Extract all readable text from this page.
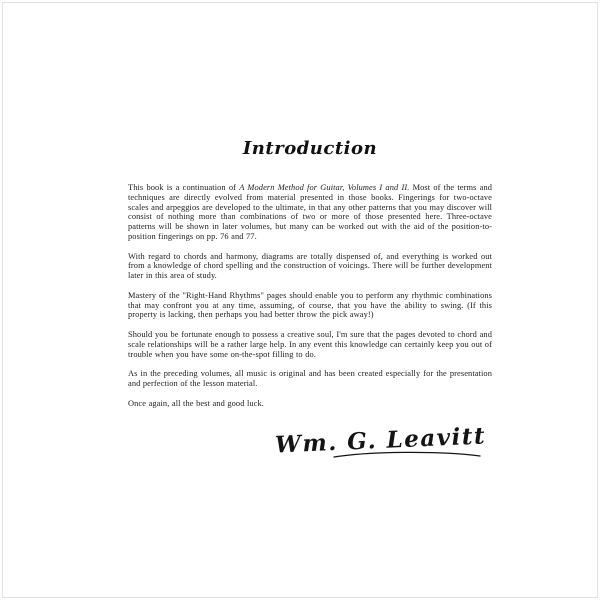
Introduction

This book is a continuation of A Modern Method for Guitar, Volumes I and II. Most of the terms and techniques are directly evolved from material presented in those books. Fingerings for two-octave scales and arpeggios are developed to the ultimate, in that any other patterns that you may discover will consist of nothing more than combinations of two or more of those presented here. Three-octave patterns will be shown in later volumes, but many can be worked out with the aid of the position-to-position fingerings on pp. 76 and 77.

With regard to chords and harmony, diagrams are totally dispensed of, and everything is worked out from a knowledge of chord spelling and the construction of voicings. There will be further development later in this area of study.

Mastery of the "Right-Hand Rhythms" pages should enable you to perform any rhythmic combinations that may confront you at any time, assuming, of course, that you have the ability to swing. (If this property is lacking, then perhaps you had better throw the pick away!)

Should you be fortunate enough to possess a creative soul, I'm sure that the pages devoted to chord and scale relationships will be a rather large help. In any event this knowledge can certainly keep you out of trouble when you have some on-the-spot filling to do.

As in the preceding volumes, all music is original and has been created especially for the presentation and perfection of the lesson material.

Once again, all the best and good luck.

Wm. G. Leavitt
